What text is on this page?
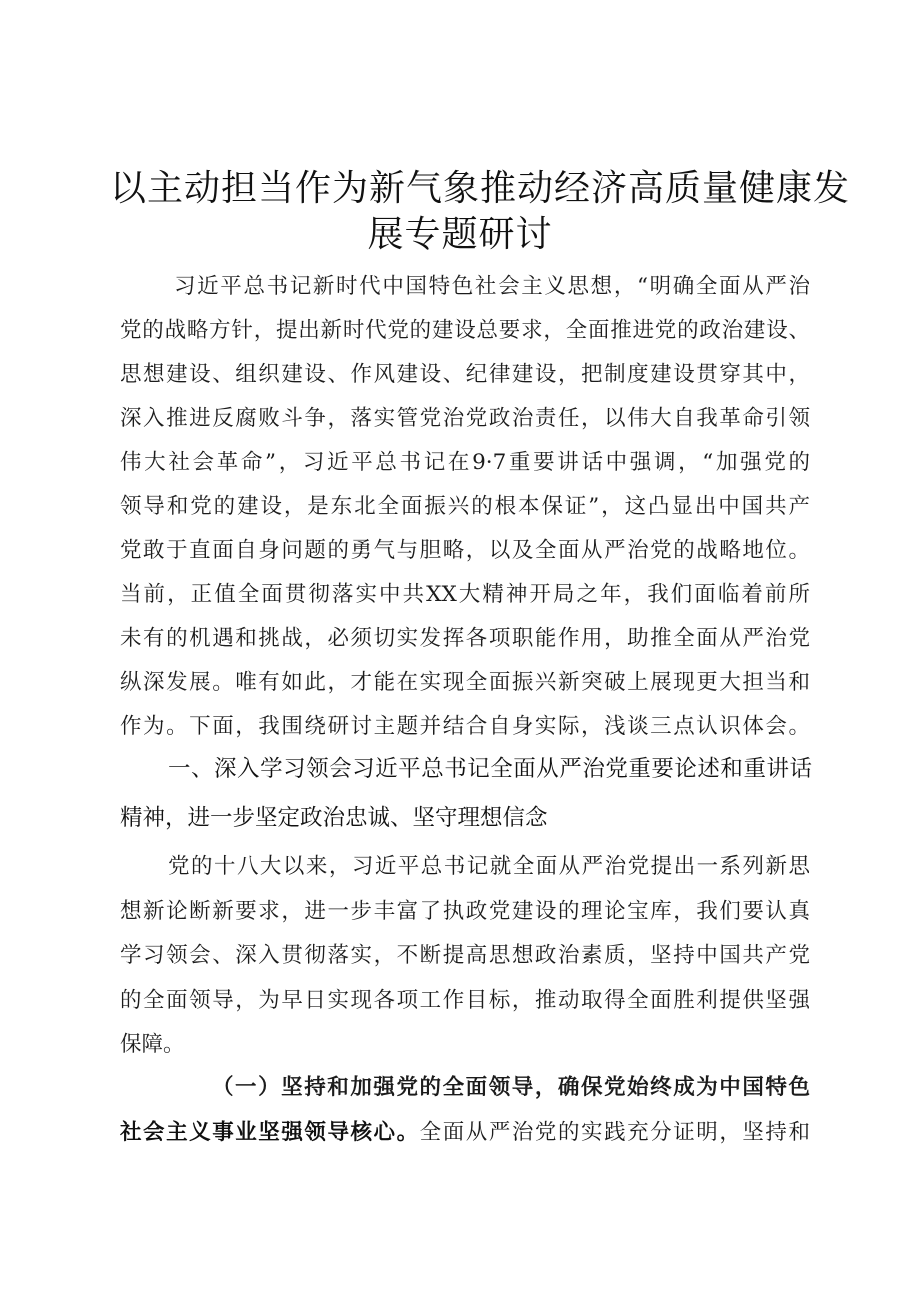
以主动担当作为新气象推动经济高质量健康发
展专题研讨
习近平总书记新时代中国特色社会主义思想，“明确全面从严治
党的战略方针，提出新时代党的建设总要求，全面推进党的政治建设、
思想建设、组织建设、作风建设、纪律建设，把制度建设贯穿其中，
深入推进反腐败斗争，落实管党治党政治责任，以伟大自我革命引领
伟大社会革命”，习近平总书记在9·7重要讲话中强调，“加强党的
领导和党的建设，是东北全面振兴的根本保证”，这凸显出中国共产
党敢于直面自身问题的勇气与胆略，以及全面从严治党的战略地位。
当前，正值全面贯彻落实中共XX大精神开局之年，我们面临着前所
未有的机遇和挑战，必须切实发挥各项职能作用，助推全面从严治党
纵深发展。唯有如此，才能在实现全面振兴新突破上展现更大担当和
作为。下面，我围绕研讨主题并结合自身实际，浅谈三点认识体会。
一、深入学习领会习近平总书记全面从严治党重要论述和重讲话
精神，进一步坚定政治忠诚、坚守理想信念
党的十八大以来，习近平总书记就全面从严治党提出一系列新思
想新论断新要求，进一步丰富了执政党建设的理论宝库，我们要认真
学习领会、深入贯彻落实，不断提高思想政治素质，坚持中国共产党
的全面领导，为早日实现各项工作目标，推动取得全面胜利提供坚强
保障。
（一）坚持和加强党的全面领导，确保党始终成为中国特色
社会主义事业坚强领导核心。全面从严治党的实践充分证明，坚持和
